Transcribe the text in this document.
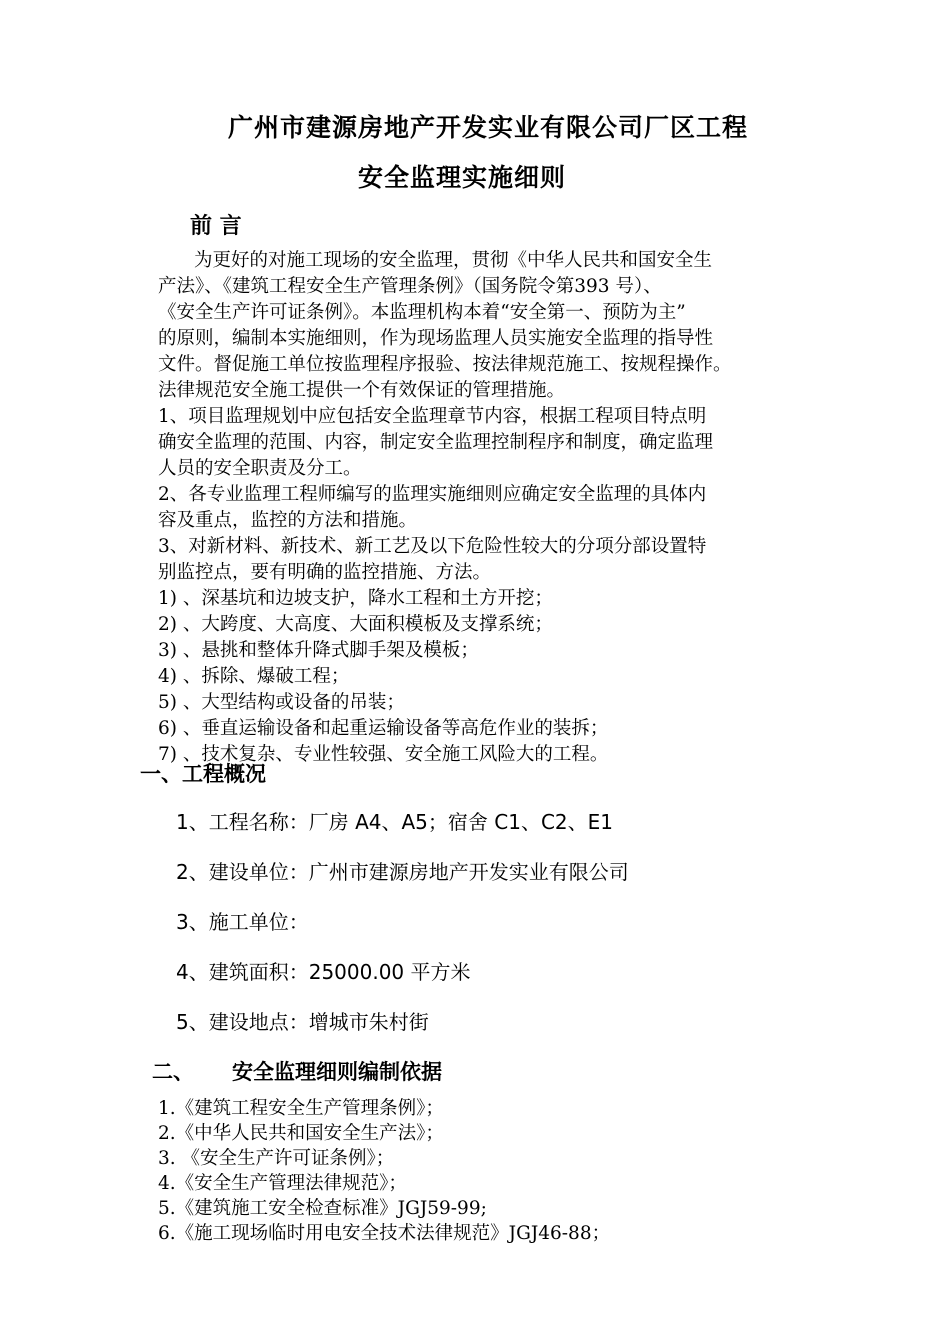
广州市建源房地产开发实业有限公司厂区工程
安全监理实施细则
前 言
为更好的对施工现场的安全监理，贯彻《中华人民共和国安全生
产法》、《建筑工程安全生产管理条例》（国务院令第393 号）、
《安全生产许可证条例》。本监理机构本着“安全第一、预防为主”
的原则，编制本实施细则，作为现场监理人员实施安全监理的指导性
文件。督促施工单位按监理程序报验、按法律规范施工、按规程操作。
法律规范安全施工提供一个有效保证的管理措施。
1、项目监理规划中应包括安全监理章节内容，根据工程项目特点明
确安全监理的范围、内容，制定安全监理控制程序和制度，确定监理
人员的安全职责及分工。
2、各专业监理工程师编写的监理实施细则应确定安全监理的具体内
容及重点，监控的方法和措施。
3、对新材料、新技术、新工艺及以下危险性较大的分项分部设置特
别监控点，要有明确的监控措施、方法。
1) 、深基坑和边坡支护，降水工程和土方开挖；
2) 、大跨度、大高度、大面积模板及支撑系统；
3) 、悬挑和整体升降式脚手架及模板；
4) 、拆除、爆破工程；
5) 、大型结构或设备的吊装；
6) 、垂直运输设备和起重运输设备等高危作业的装拆；
7) 、技术复杂、专业性较强、安全施工风险大的工程。
一、工程概况
1、工程名称：厂房 A4、A5；宿舍 C1、C2、E1
2、建设单位：广州市建源房地产开发实业有限公司
3、施工单位：
4、建筑面积：25000.00 平方米
5、建设地点：增城市朱村街
二、 安全监理细则编制依据
1.《建筑工程安全生产管理条例》；
2.《中华人民共和国安全生产法》；
3. 《安全生产许可证条例》；
4.《安全生产管理法律规范》；
5.《建筑施工安全检查标准》JGJ59-99;
6.《施工现场临时用电安全技术法律规范》JGJ46-88；
